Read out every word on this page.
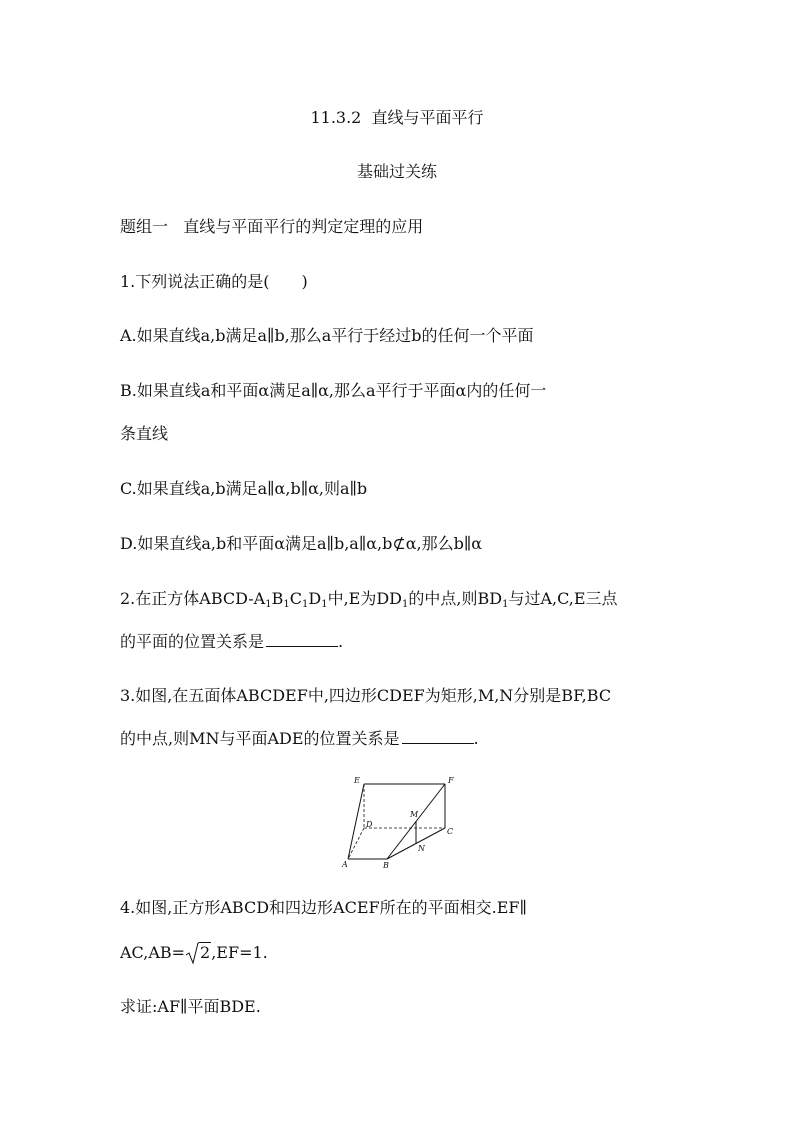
11.3.2 直线与平面平行
基础过关练
题组一 直线与平面平行的判定定理的应用
1.下列说法正确的是(　　)
A.如果直线a,b满足a∥b,那么a平行于经过b的任何一个平面
B.如果直线a和平面α满足a∥α,那么a平行于平面α内的任何一
条直线
C.如果直线a,b满足a∥α,b∥α,则a∥b
D.如果直线a,b和平面α满足a∥b,a∥α,b⊄α,那么b∥α
2.在正方体ABCD-$A_1B_1C_1D_1$中,E为$DD_1$的中点,则$BD_1$与过A,C,E三点
的平面的位置关系是	.
3.如图,在五面体ABCDEF中,四边形CDEF为矩形,M,N分别是BF,BC
的中点,则MN与平面ADE的位置关系是	.
E	F
D
M
C
N
A	B
4.如图,正方形ABCD和四边形ACEF所在的平面相交.EF∥
AC,AB= 2,EF=1.
求证:AF∥平面BDE.
